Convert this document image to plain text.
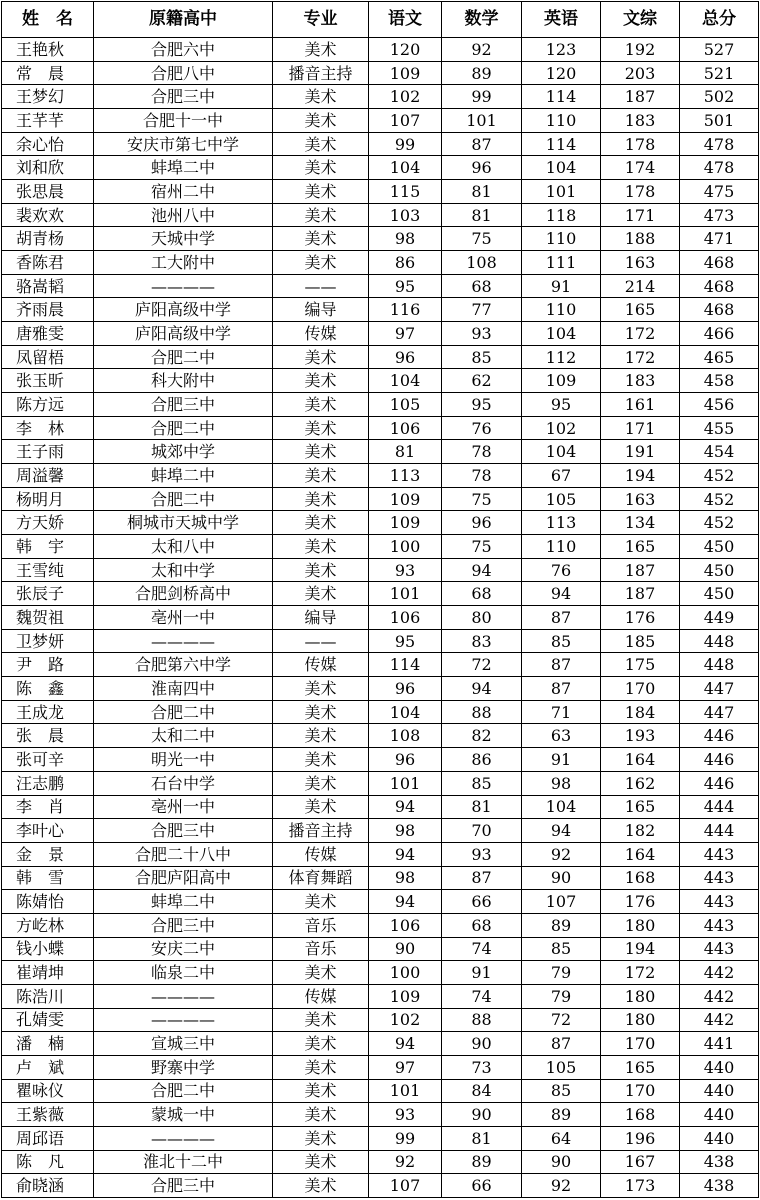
姓　名	原籍高中	专业	语文	数学	英语	文综	总分
王艳秋	合肥六中	美术	120	92	123	192	527
常　晨	合肥八中	播音主持	109	89	120	203	521
王梦幻	合肥三中	美术	102	99	114	187	502
王芊芊	合肥十一中	美术	107	101	110	183	501
余心怡	安庆市第七中学	美术	99	87	114	178	478
刘和欣	蚌埠二中	美术	104	96	104	174	478
张思晨	宿州二中	美术	115	81	101	178	475
裴欢欢	池州八中	美术	103	81	118	171	473
胡青杨	天城中学	美术	98	75	110	188	471
香陈君	工大附中	美术	86	108	111	163	468
骆嵩韬	————	——	95	68	91	214	468
齐雨晨	庐阳高级中学	编导	116	77	110	165	468
唐雅雯	庐阳高级中学	传媒	97	93	104	172	466
凤留梧	合肥二中	美术	96	85	112	172	465
张玉昕	科大附中	美术	104	62	109	183	458
陈方远	合肥三中	美术	105	95	95	161	456
李　林	合肥二中	美术	106	76	102	171	455
王子雨	城郊中学	美术	81	78	104	191	454
周溢馨	蚌埠二中	美术	113	78	67	194	452
杨明月	合肥二中	美术	109	75	105	163	452
方天娇	桐城市天城中学	美术	109	96	113	134	452
韩　宇	太和八中	美术	100	75	110	165	450
王雪纯	太和中学	美术	93	94	76	187	450
张辰子	合肥剑桥高中	美术	101	68	94	187	450
魏贺祖	亳州一中	编导	106	80	87	176	449
卫梦妍	————	——	95	83	85	185	448
尹　路	合肥第六中学	传媒	114	72	87	175	448
陈　鑫	淮南四中	美术	96	94	87	170	447
王成龙	合肥二中	美术	104	88	71	184	447
张　晨	太和二中	美术	108	82	63	193	446
张可辛	明光一中	美术	96	86	91	164	446
汪志鹏	石台中学	美术	101	85	98	162	446
李　肖	亳州一中	美术	94	81	104	165	444
李叶心	合肥三中	播音主持	98	70	94	182	444
金　景	合肥二十八中	传媒	94	93	92	164	443
韩　雪	合肥庐阳高中	体育舞蹈	98	87	90	168	443
陈婧怡	蚌埠二中	美术	94	66	107	176	443
方屹林	合肥三中	音乐	106	68	89	180	443
钱小蝶	安庆二中	音乐	90	74	85	194	443
崔靖坤	临泉二中	美术	100	91	79	172	442
陈浩川	————	传媒	109	74	79	180	442
孔婧雯	————	美术	102	88	72	180	442
潘　楠	宣城三中	美术	94	90	87	170	441
卢　斌	野寨中学	美术	97	73	105	165	440
瞿咏仪	合肥二中	美术	101	84	85	170	440
王紫薇	蒙城一中	美术	93	90	89	168	440
周邱语	————	美术	99	81	64	196	440
陈　凡	淮北十二中	美术	92	89	90	167	438
俞晓涵	合肥三中	美术	107	66	92	173	438
